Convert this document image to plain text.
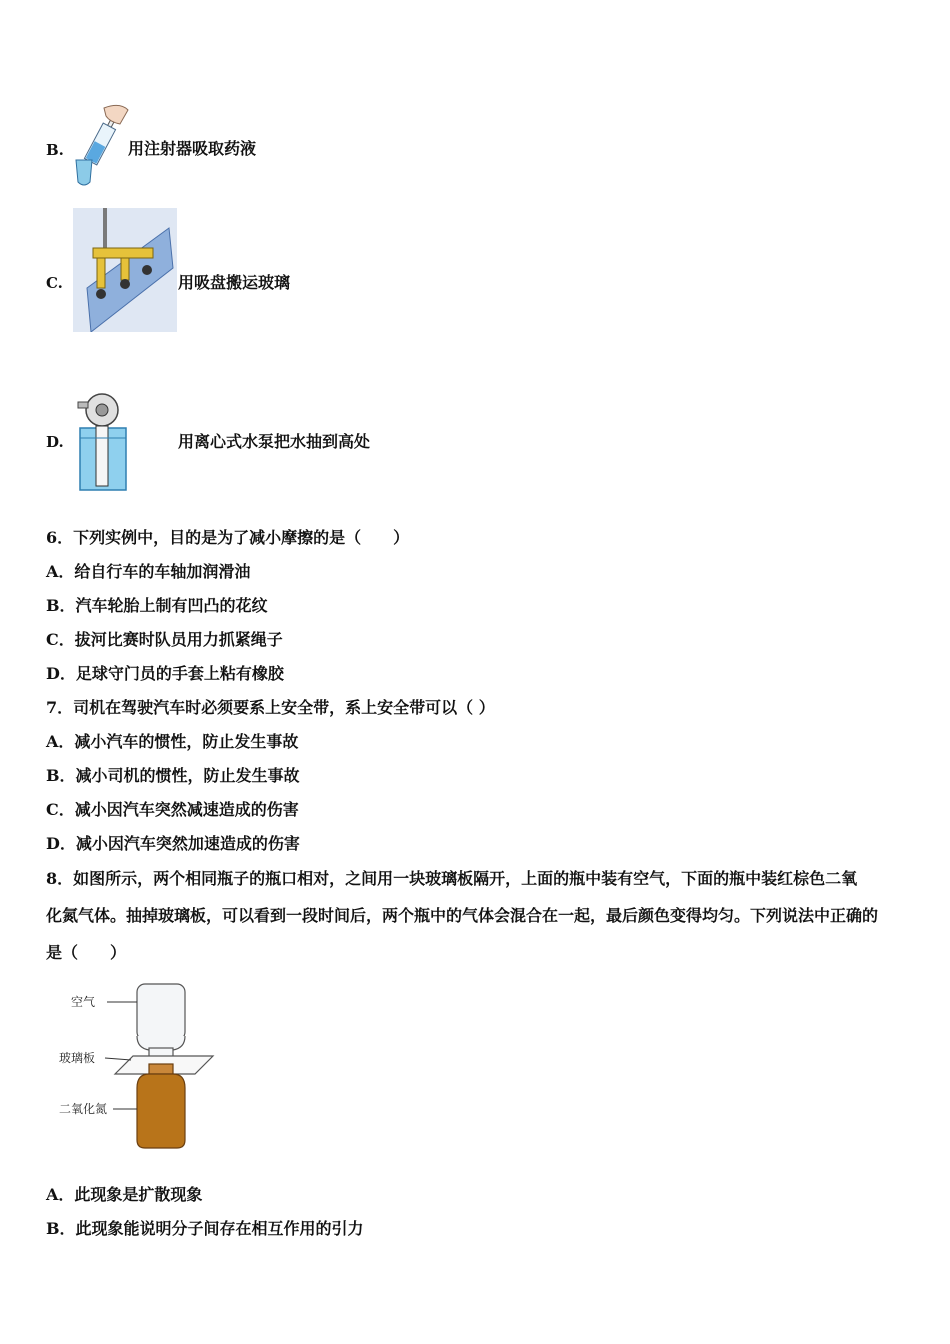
B.	用注射器吸取药液
C.	用吸盘搬运玻璃
D.	用离心式水泵把水抽到高处
6．下列实例中，目的是为了减小摩擦的是（　　）
A．给自行车的车轴加润滑油
B．汽车轮胎上制有凹凸的花纹
C．拔河比赛时队员用力抓紧绳子
D．足球守门员的手套上粘有橡胶
7．司机在驾驶汽车时必须要系上安全带，系上安全带可以（ ）
A．减小汽车的惯性，防止发生事故
B．减小司机的惯性，防止发生事故
C．减小因汽车突然减速造成的伤害
D．减小因汽车突然加速造成的伤害
8．如图所示，两个相同瓶子的瓶口相对，之间用一块玻璃板隔开，上面的瓶中装有空气，下面的瓶中装红棕色二氧
化氮气体。抽掉玻璃板，可以看到一段时间后，两个瓶中的气体会混合在一起，最后颜色变得均匀。下列说法中正确的
是（　　）
空气
玻璃板
二氧化氮
A．此现象是扩散现象
B．此现象能说明分子间存在相互作用的引力
